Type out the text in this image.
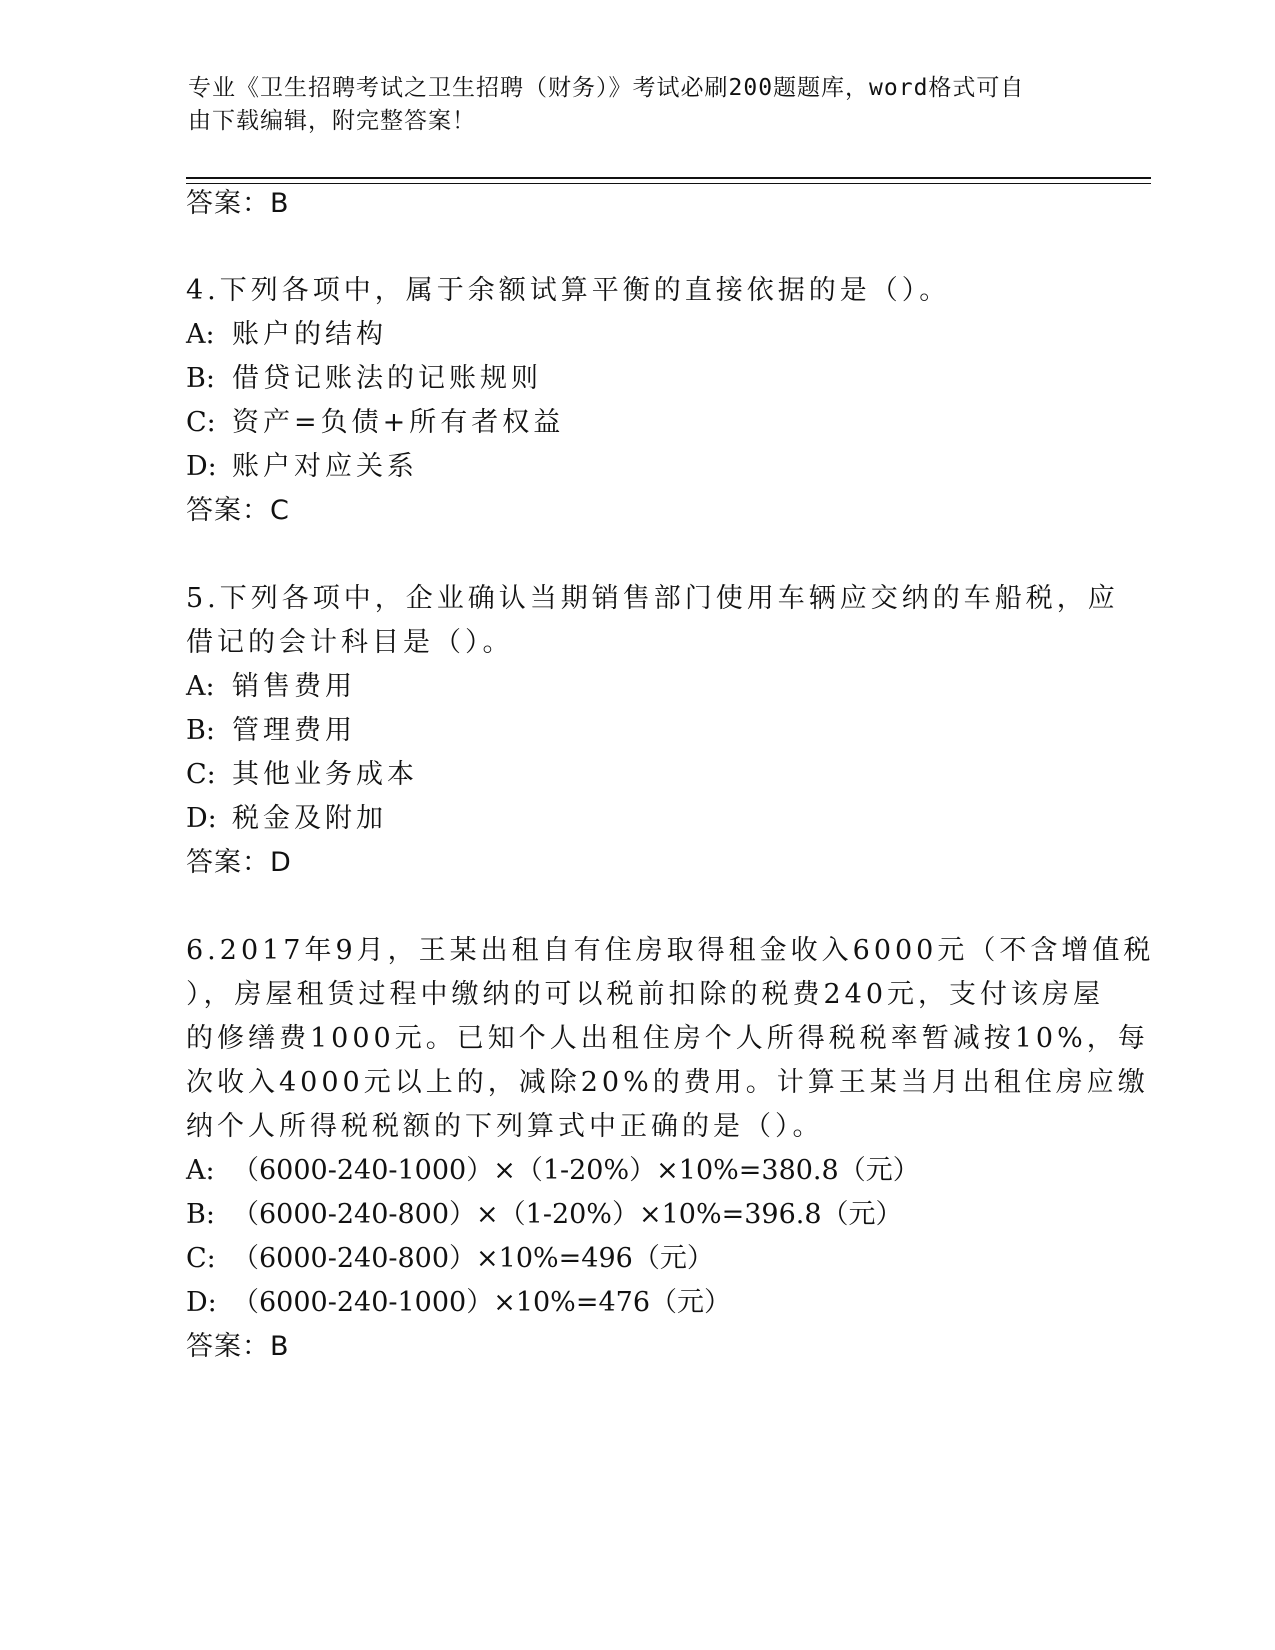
专业《卫生招聘考试之卫生招聘（财务）》考试必刷200题题库，word格式可自
由下载编辑，附完整答案！
答案：B
4.下列各项中，属于余额试算平衡的直接依据的是（）。
A: 账户的结构
B: 借贷记账法的记账规则
C: 资产=负债+所有者权益
D: 账户对应关系
答案：C
5.下列各项中，企业确认当期销售部门使用车辆应交纳的车船税，应
借记的会计科目是（）。
A: 销售费用
B: 管理费用
C: 其他业务成本
D: 税金及附加
答案：D
6.2017年9月，王某出租自有住房取得租金收入6000元（不含增值税
），房屋租赁过程中缴纳的可以税前扣除的税费240元，支付该房屋
的修缮费1000元。已知个人出租住房个人所得税税率暂减按10%，每
次收入4000元以上的，减除20%的费用。计算王某当月出租住房应缴
纳个人所得税税额的下列算式中正确的是（）。
A: （6000-240-1000）×（1-20%）×10%=380.8（元）
B: （6000-240-800）×（1-20%）×10%=396.8（元）
C: （6000-240-800）×10%=496（元）
D: （6000-240-1000）×10%=476（元）
答案：B
